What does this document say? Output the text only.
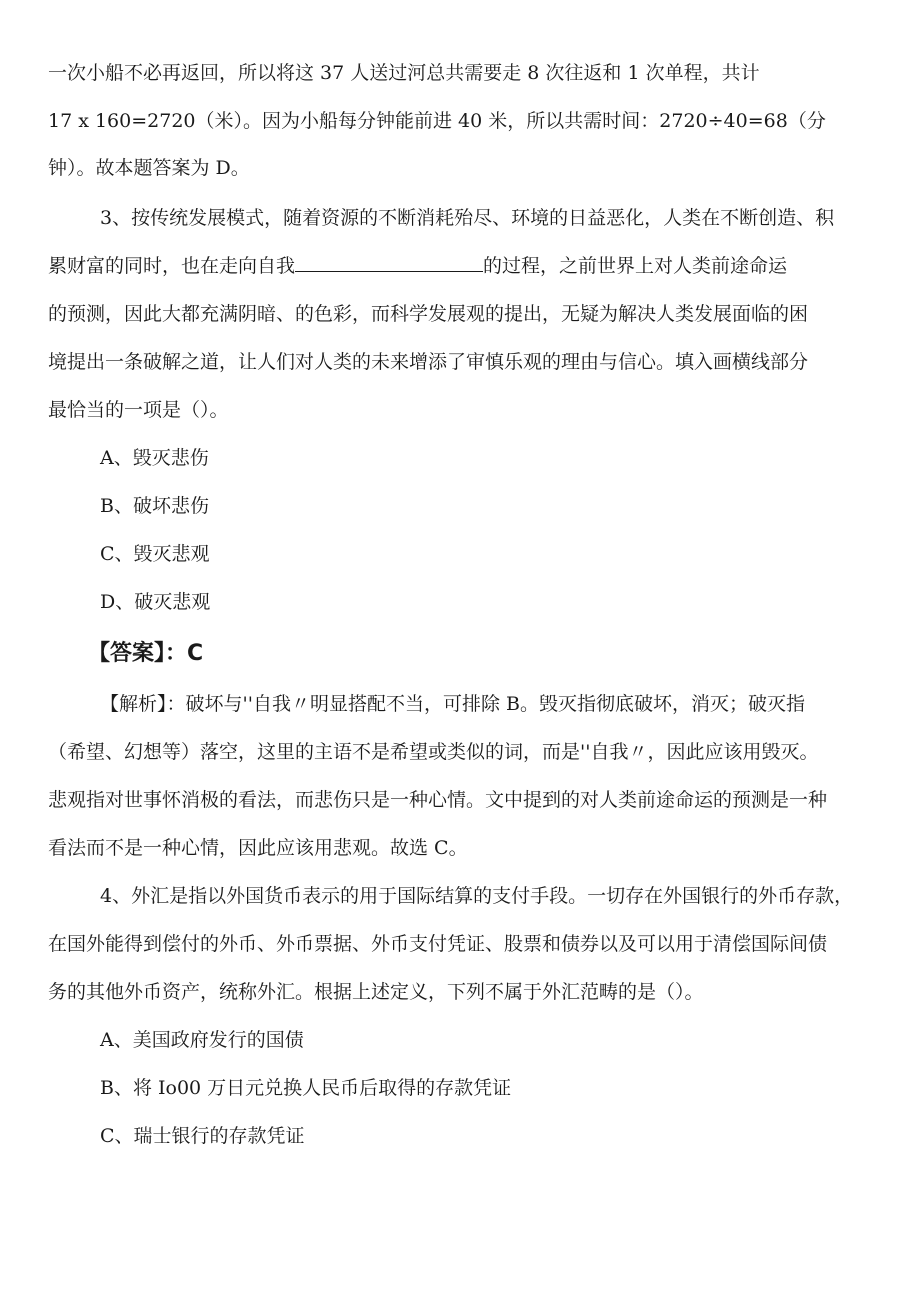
一次小船不必再返回，所以将这 37 人送过河总共需要走 8 次往返和 1 次单程，共计
17 x 160=2720（米）。因为小船每分钟能前进 40 米，所以共需时间：2720÷40=68（分
钟）。故本题答案为 D。
3、按传统发展模式，随着资源的不断消耗殆尽、环境的日益恶化，人类在不断创造、积
累财富的同时，也在走向自我	的过程，之前世界上对人类前途命运
的预测，因此大都充满阴暗、的色彩，而科学发展观的提出，无疑为解决人类发展面临的困
境提出一条破解之道，让人们对人类的未来增添了审慎乐观的理由与信心。填入画横线部分
最恰当的一项是（）。
A、毁灭悲伤
B、破坏悲伤
C、毁灭悲观
D、破灭悲观
【答案】：C
【解析】：破坏与''自我〃明显搭配不当，可排除 B。毁灭指彻底破坏，消灭；破灭指
（希望、幻想等）落空，这里的主语不是希望或类似的词，而是''自我〃，因此应该用毁灭。
悲观指对世事怀消极的看法，而悲伤只是一种心情。文中提到的对人类前途命运的预测是一种
看法而不是一种心情，因此应该用悲观。故选 C。
4、外汇是指以外国货币表示的用于国际结算的支付手段。一切存在外国银行的外币存款，
在国外能得到偿付的外币、外币票据、外币支付凭证、股票和债券以及可以用于清偿国际间债
务的其他外币资产，统称外汇。根据上述定义，下列不属于外汇范畴的是（）。
A、美国政府发行的国债
B、将 Io00 万日元兑换人民币后取得的存款凭证
C、瑞士银行的存款凭证
